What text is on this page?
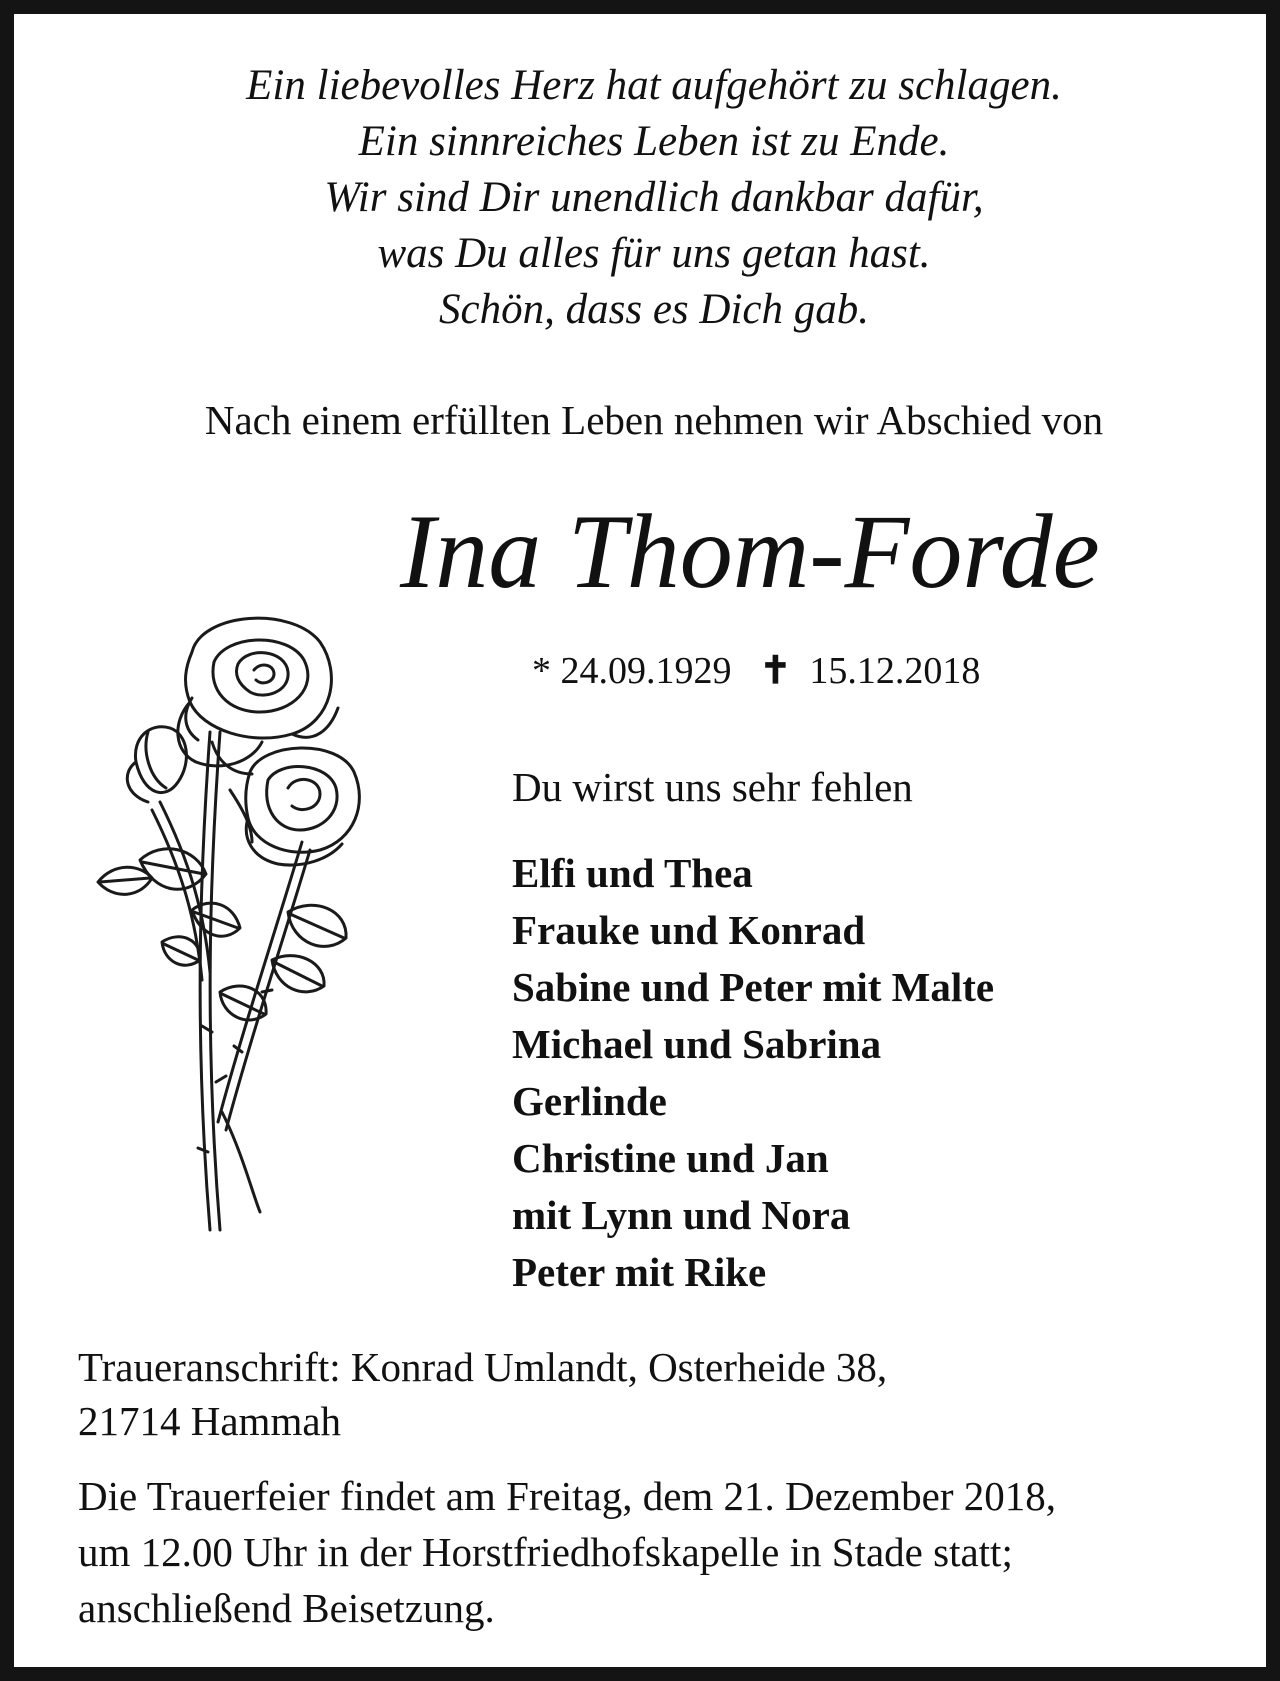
Ein liebevolles Herz hat aufgehört zu schlagen.
Ein sinnreiches Leben ist zu Ende.
Wir sind Dir unendlich dankbar dafür,
was Du alles für uns getan hast.
Schön, dass es Dich gab.
Nach einem erfüllten Leben nehmen wir Abschied von
Ina Thom-Forde
* 24.09.1929 ✝ 15.12.2018
Du wirst uns sehr fehlen
Elfi und Thea
Frauke und Konrad
Sabine und Peter mit Malte
Michael und Sabrina
Gerlinde
Christine und Jan
mit Lynn und Nora
Peter mit Rike
Traueranschrift: Konrad Umlandt, Osterheide 38,
21714 Hammah
Die Trauerfeier findet am Freitag, dem 21. Dezember 2018,
um 12.00 Uhr in der Horstfriedhofskapelle in Stade statt;
anschließend Beisetzung.
